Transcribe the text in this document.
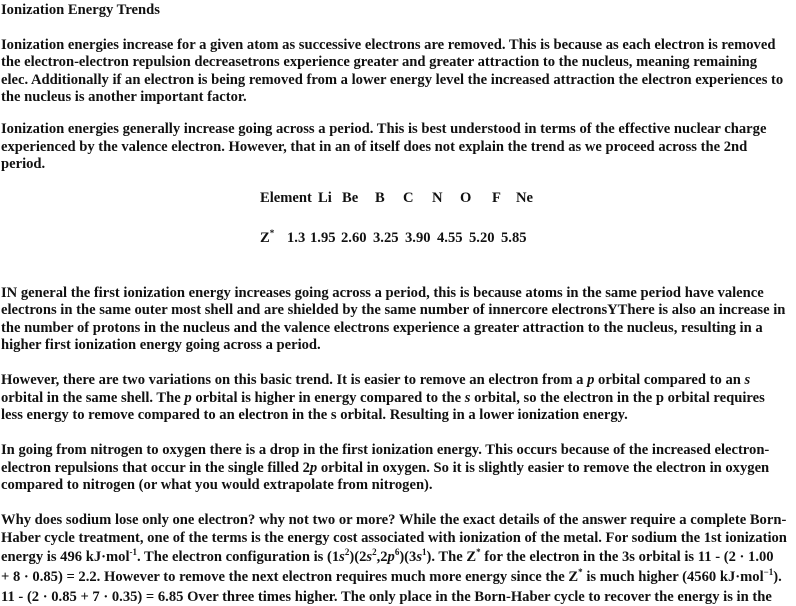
Ionization Energy Trends
Ionization energies increase for a given atom as successive electrons are removed. This is because as each electron is removed
the electron-electron repulsion decreasetrons experience greater and greater attraction to the nucleus, meaning remaining
elec. Additionally if an electron is being removed from a lower energy level the increased attraction the electron experiences to
the nucleus is another important factor.
Ionization energies generally increase going across a period. This is best understood in terms of the effective nuclear charge
experienced by the valence electron. However, that in an of itself does not explain the trend as we proceed across the 2nd
period.
Element Li Be B C N O F Ne
Z* 1.3 1.95 2.60 3.25 3.90 4.55 5.20 5.85
IN general the first ionization energy increases going across a period, this is because atoms in the same period have valence
electrons in the same outer most shell and are shielded by the same number of innercore electronsYThere is also an increase in
the number of protons in the nucleus and the valence electrons experience a greater attraction to the nucleus, resulting in a
higher first ionization energy going across a period.
However, there are two variations on this basic trend. It is easier to remove an electron from a p orbital compared to an s
orbital in the same shell. The p orbital is higher in energy compared to the s orbital, so the electron in the p orbital requires
less energy to remove compared to an electron in the s orbital. Resulting in a lower ionization energy.
In going from nitrogen to oxygen there is a drop in the first ionization energy. This occurs because of the increased electron-
electron repulsions that occur in the single filled 2p orbital in oxygen. So it is slightly easier to remove the electron in oxygen
compared to nitrogen (or what you would extrapolate from nitrogen).
Why does sodium lose only one electron? why not two or more? While the exact details of the answer require a complete Born-
Haber cycle treatment, one of the terms is the energy cost associated with ionization of the metal. For sodium the 1st ionization
energy is 496 kJ·mol$^{-1}$. The electron configuration is $(1s^2)(2s^2,2p^6)(3s^1)$. The Z* for the electron in the 3s orbital is 11 - (2 · 1.00
+ 8 · 0.85) = 2.2. However to remove the next electron requires much more energy since the Z* is much higher (4560 kJ·mol$^{-1}$).
11 - (2 · 0.85 + 7 · 0.35) = 6.85 Over three times higher. The only place in the Born-Haber cycle to recover the energy is in the
